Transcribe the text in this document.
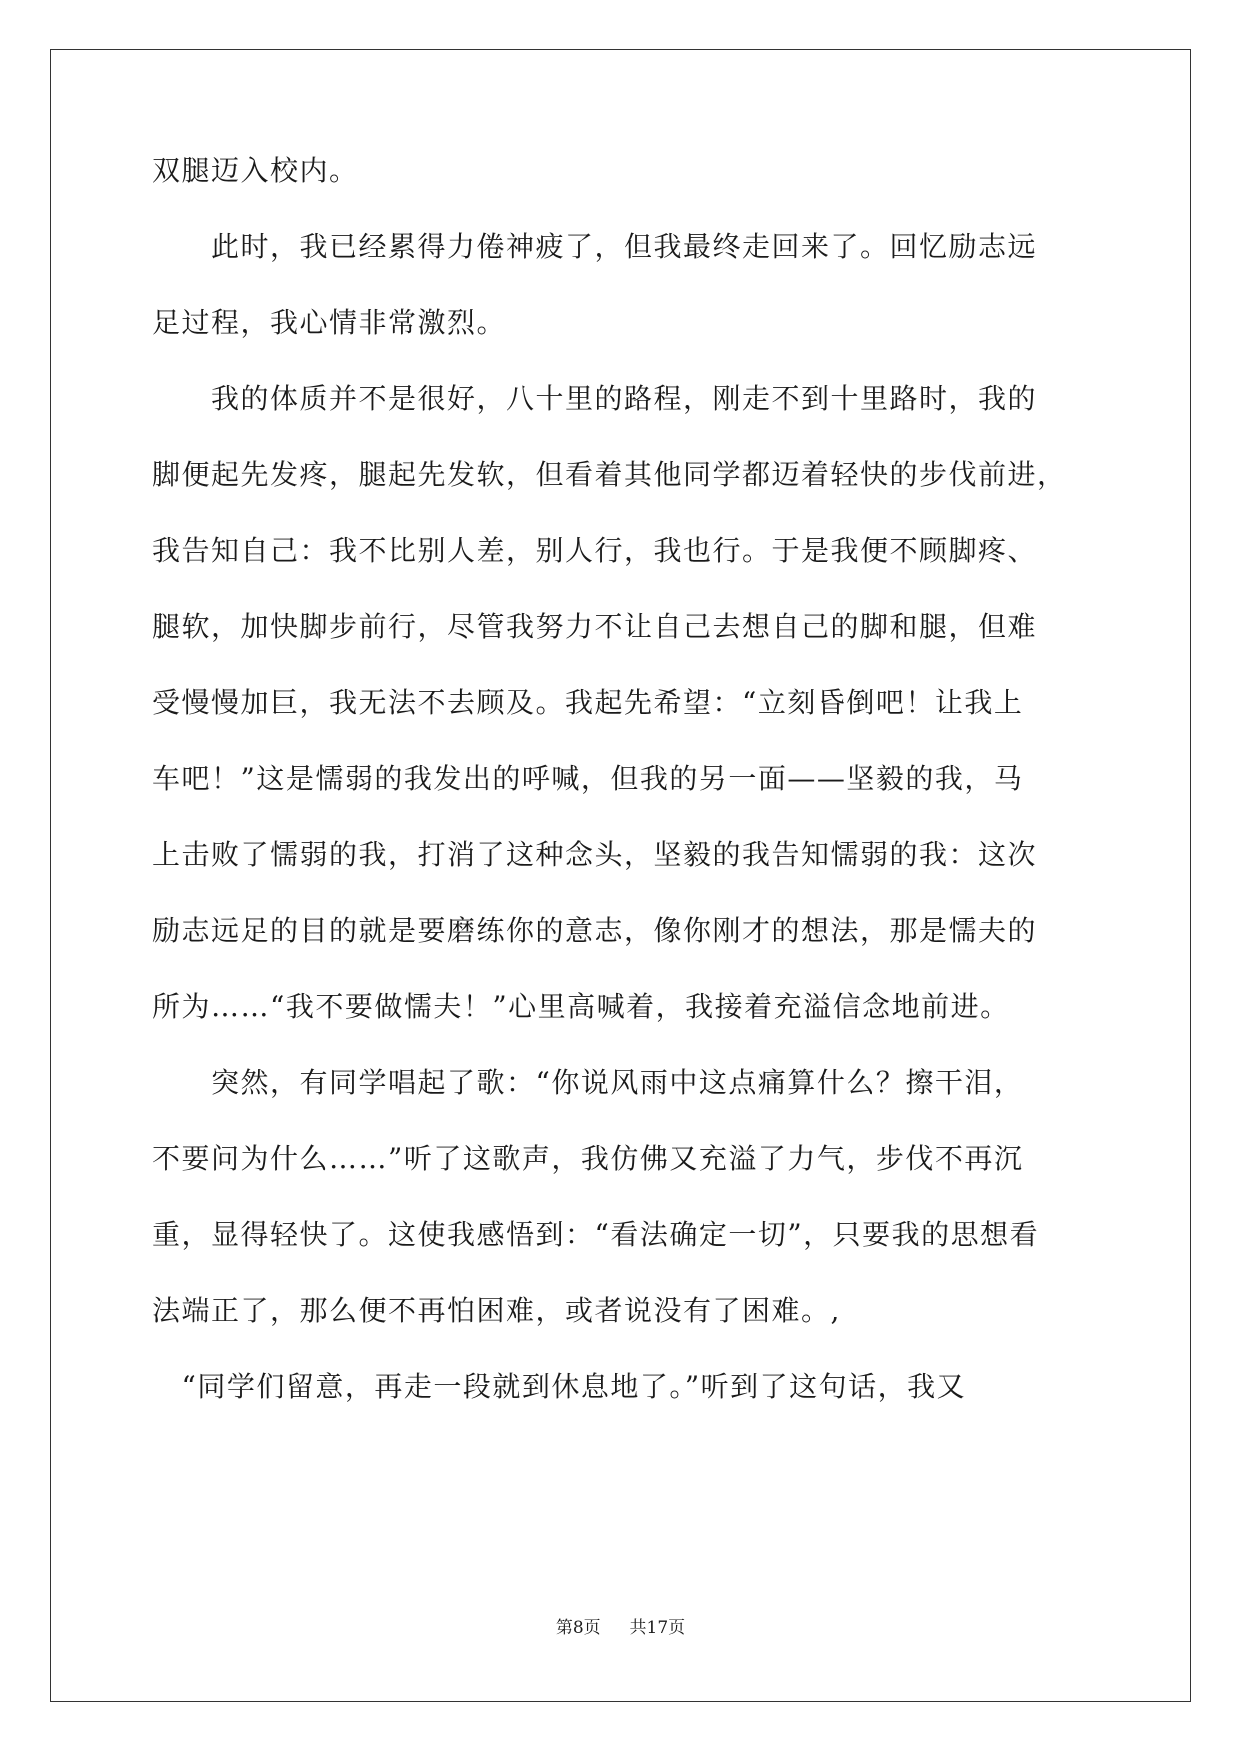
双腿迈入校内。
　　此时，我已经累得力倦神疲了，但我最终走回来了。回忆励志远
足过程，我心情非常激烈。
　　我的体质并不是很好，八十里的路程，刚走不到十里路时，我的
脚便起先发疼，腿起先发软，但看着其他同学都迈着轻快的步伐前进，
我告知自己：我不比别人差，别人行，我也行。于是我便不顾脚疼、
腿软，加快脚步前行，尽管我努力不让自己去想自己的脚和腿，但难
受慢慢加巨，我无法不去顾及。我起先希望：“立刻昏倒吧！让我上
车吧！”这是懦弱的我发出的呼喊，但我的另一面——坚毅的我，马
上击败了懦弱的我，打消了这种念头，坚毅的我告知懦弱的我：这次
励志远足的目的就是要磨练你的意志，像你刚才的想法，那是懦夫的
所为……“我不要做懦夫！”心里高喊着，我接着充溢信念地前进。
　　突然，有同学唱起了歌：“你说风雨中这点痛算什么？擦干泪，
不要问为什么……”听了这歌声，我仿佛又充溢了力气，步伐不再沉
重，显得轻快了。这使我感悟到：“看法确定一切”，只要我的思想看
法端正了，那么便不再怕困难，或者说没有了困难。,
　“同学们留意，再走一段就到休息地了。”听到了这句话，我又
第8页 共17页
